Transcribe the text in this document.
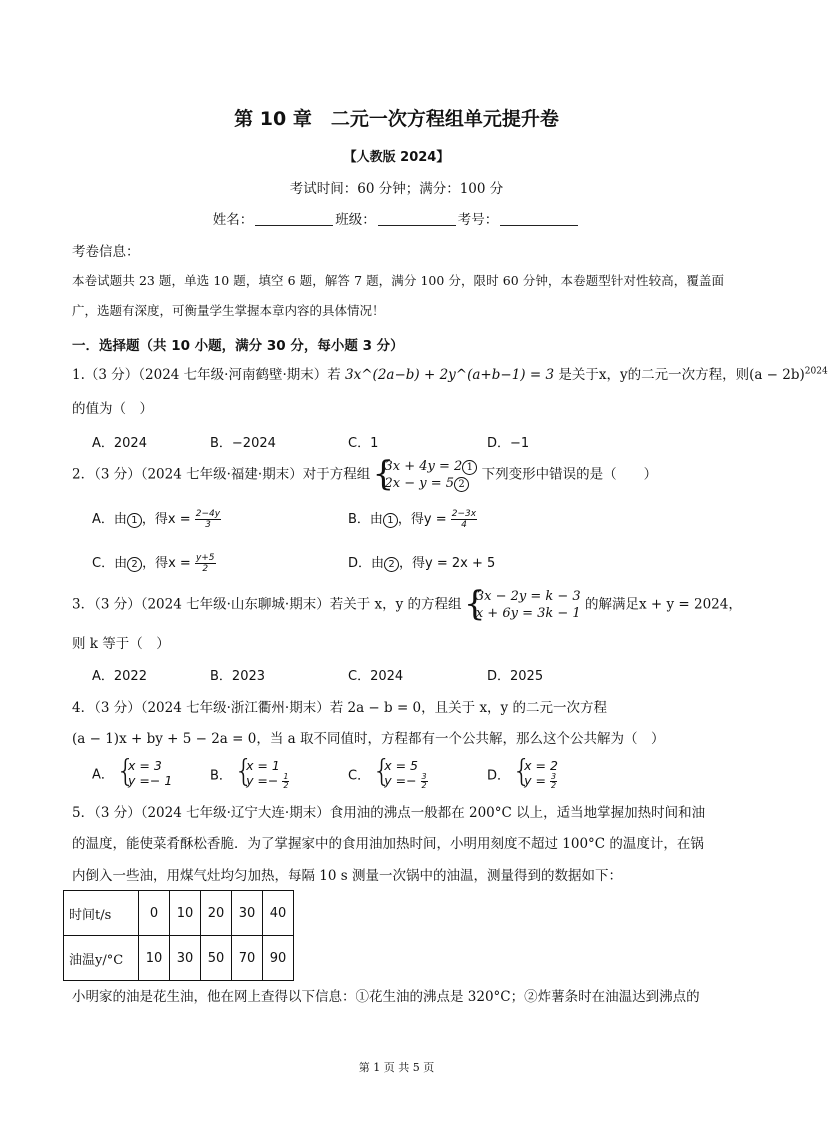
第 10 章　二元一次方程组单元提升卷
【人教版 2024】
考试时间：60 分钟；满分：100 分
姓名：	班级：	考号：
考卷信息：
本卷试题共 23 题，单选 10 题，填空 6 题，解答 7 题，满分 100 分，限时 60 分钟，本卷题型针对性较高，覆盖面广，选题有深度，可衡量学生掌握本章内容的具体情况！
一．选择题（共 10 小题，满分 30 分，每小题 3 分）
1.（3 分）（2024 七年级·河南鹤壁·期末）若 3x^(2a−b) + 2y^(a+b−1) = 3 是关于x，y的二元一次方程，则$(a - 2b)^{2024}$
的值为（　）
A．2024	B．−2024	C．1	D．−1
2．（3 分）（2024 七年级·福建·期末）对于方程组 { 3x + 4y = 2 1
2x − y = 5 2
下列变形中错误的是（　　）
A．由 1 ，得$x = \frac{2-4y}{3}$	B．由 1 ，得$y = \frac{2-3x}{4}$
C．由 2 ，得$x = \frac{y+5}{2}$	D．由 2 ，得y = 2x + 5
3．（3 分）（2024 七年级·山东聊城·期末）若关于 x，y 的方程组 { 3x − 2y = k − 3
x + 6y = 3k − 1
的解满足x + y = 2024，
则 k 等于（　）
A．2022	B．2023	C．2024	D．2025
4．（3 分）（2024 七年级·浙江衢州·期末）若 2a − b = 0，且关于 x，y 的二元一次方程
(a − 1)x + by + 5 − 2a = 0，当 a 取不同值时，方程都有一个公共解，那么这个公共解为（　）
A．
{ x = 3
y =− 1	B．
{ x = 1
$y =- \frac{1}{2}$	C．
{ x = 5
$y =- \frac{3}{2}$	D．
{ x = 2
$y = \frac{3}{2}$
5．（3 分）（2024 七年级·辽宁大连·期末）食用油的沸点一般都在 200°C 以上，适当地掌握加热时间和油
的温度，能使菜肴酥松香脆．为了掌握家中的食用油加热时间，小明用刻度不超过 100°C 的温度计，在锅
内倒入一些油，用煤气灶均匀加热，每隔 10 s 测量一次锅中的油温，测量得到的数据如下：
时间t/s	0	10	20	30	40
油温y/°C	10	30	50	70	90
小明家的油是花生油，他在网上查得以下信息：①花生油的沸点是 320°C；②炸薯条时在油温达到沸点的
第 1 页 共 5 页
